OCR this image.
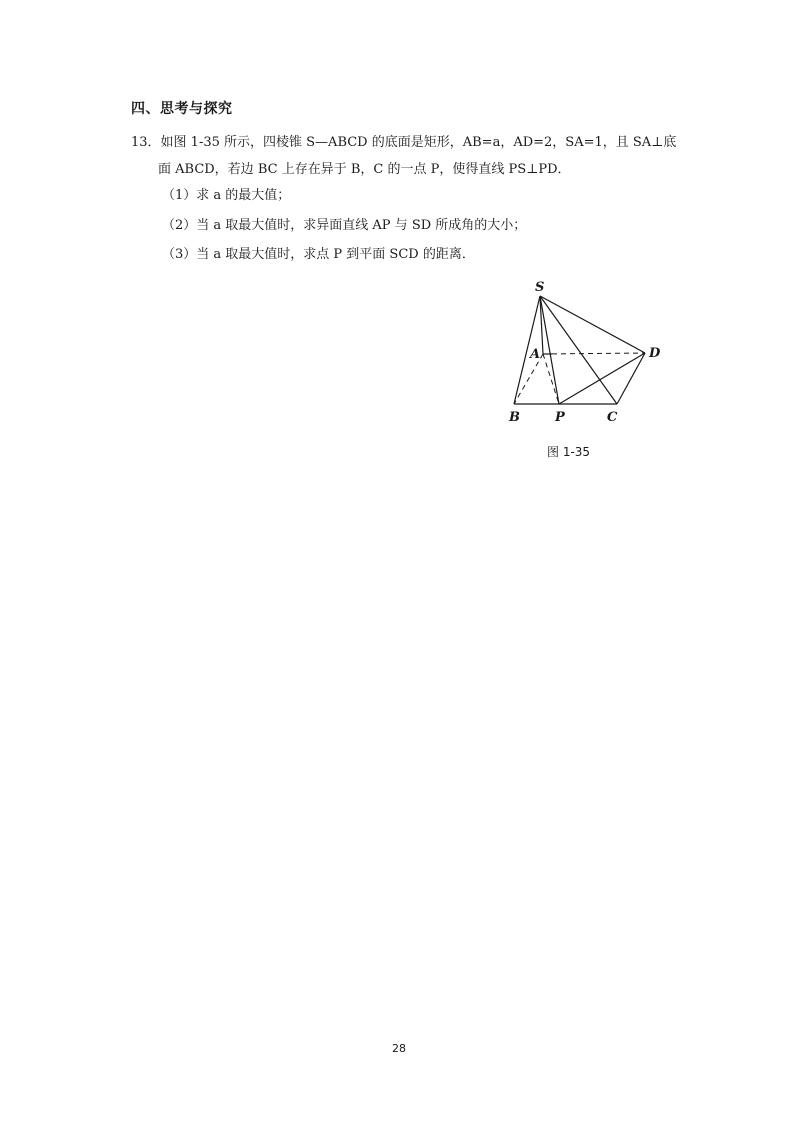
四、思考与探究
13．如图 1-35 所示，四棱锥 S—ABCD 的底面是矩形，AB=a，AD=2，SA=1，且 SA⊥底
面 ABCD，若边 BC 上存在异于 B，C 的一点 P，使得直线 PS⊥PD．
（1）求 a 的最大值；
（2）当 a 取最大值时，求异面直线 AP 与 SD 所成角的大小；
（3）当 a 取最大值时，求点 P 到平面 SCD 的距离．
S
A	D
B	P	C
图 1-35
28
